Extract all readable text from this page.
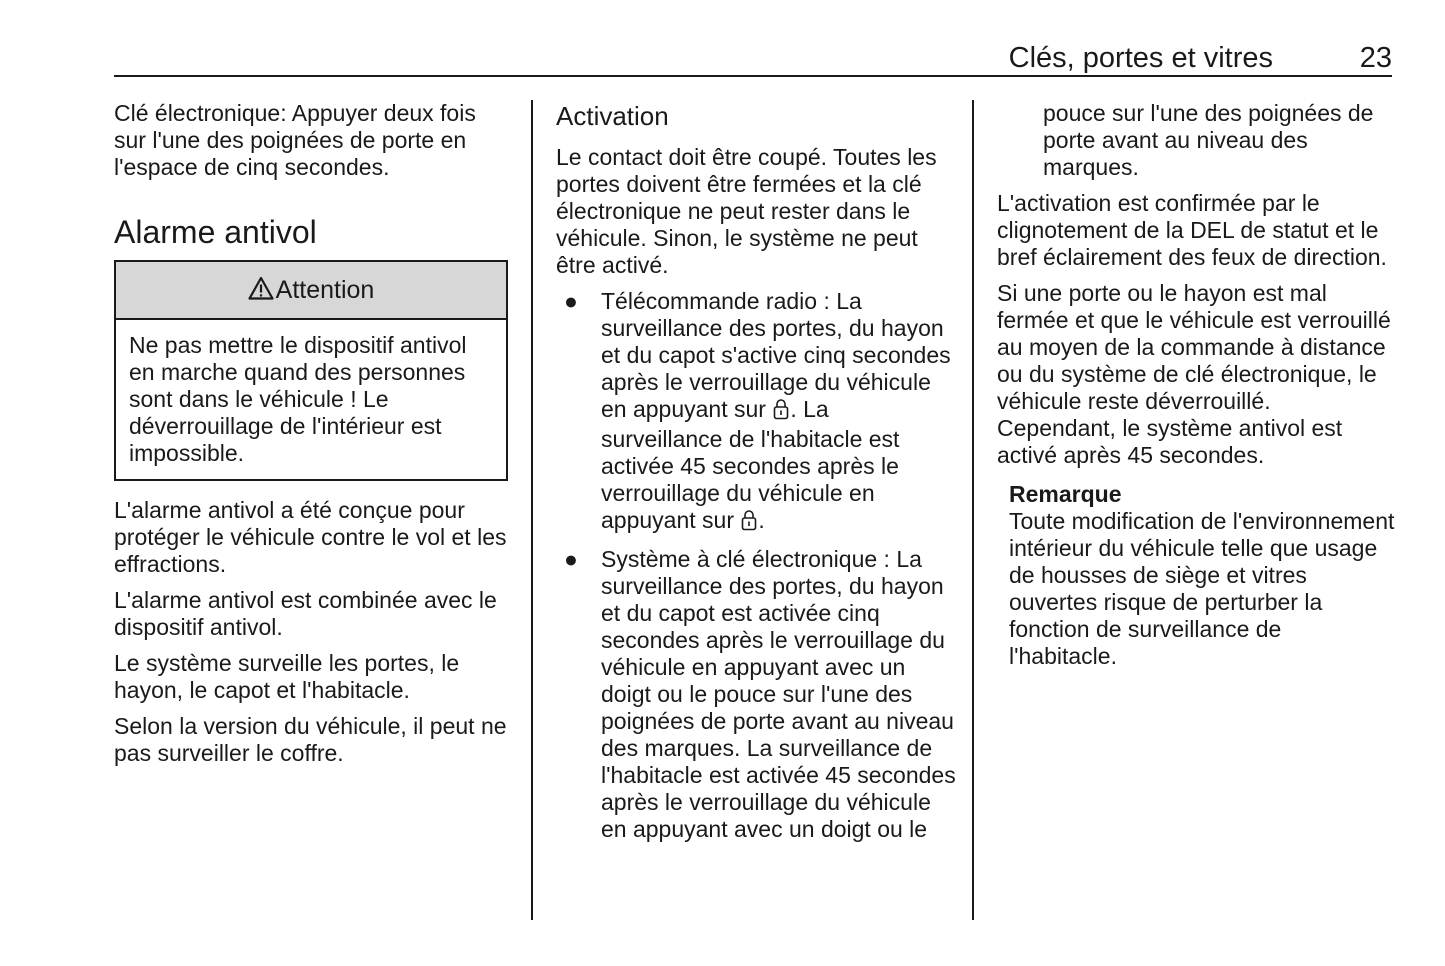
Clés, portes et vitres	23

Clé électronique: Appuyer deux fois sur l'une des poignées de porte en l'espace de cinq secondes.

Alarme antivol
Attention
Ne pas mettre le dispositif antivol en marche quand des personnes sont dans le véhicule ! Le déverrouillage de l'intérieur est impossible.

L'alarme antivol a été conçue pour protéger le véhicule contre le vol et les effractions.

L'alarme antivol est combinée avec le dispositif antivol.

Le système surveille les portes, le hayon, le capot et l'habitacle.

Selon la version du véhicule, il peut ne pas surveiller le coffre.

Activation

Le contact doit être coupé. Toutes les portes doivent être fermées et la clé électronique ne peut rester dans le véhicule. Sinon, le système ne peut être activé.

● Télécommande radio : La surveillance des portes, du hayon et du capot s'active cinq secondes après le verrouillage du véhicule en appuyant sur . La surveillance de l'habitacle est activée 45 secondes après le verrouillage du véhicule en appuyant sur .
● Système à clé électronique : La surveillance des portes, du hayon et du capot est activée cinq secondes après le verrouillage du véhicule en appuyant avec un doigt ou le pouce sur l'une des poignées de porte avant au niveau des marques. La surveillance de l'habitacle est activée 45 secondes après le verrouillage du véhicule en appuyant avec un doigt ou le
pouce sur l'une des poignées de porte avant au niveau des marques.

L'activation est confirmée par le clignotement de la DEL de statut et le bref éclairement des feux de direction.

Si une porte ou le hayon est mal fermée et que le véhicule est verrouillé au moyen de la commande à distance ou du système de clé électronique, le véhicule reste déverrouillé. Cependant, le système antivol est activé après 45 secondes.

Remarque

Toute modification de l'environnement intérieur du véhicule telle que usage de housses de siège et vitres ouvertes risque de perturber la fonction de surveillance de l'habitacle.
